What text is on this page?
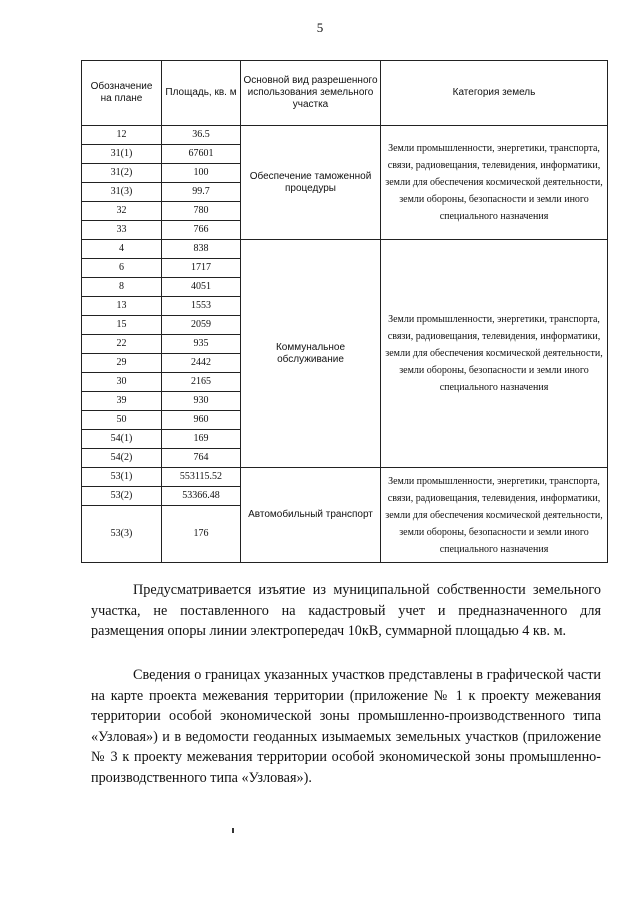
5
Обозначение на плане	Площадь, кв. м	Основной вид разрешенного использования земельного участка	Категория земель
12	36.5	Обеспечение таможенной процедуры	Земли промышленности, энергетики, транспорта, связи, радиовещания, телевидения, информатики, земли для обеспечения космической деятельности, земли обороны, безопасности и земли иного специального назначения
31(1)	67601		
31(2)	100		
31(3)	99.7		
32	780		
33	766		
4	838	Коммунальное обслуживание	Земли промышленности, энергетики, транспорта, связи, радиовещания, телевидения, информатики, земли для обеспечения космической деятельности, земли обороны, безопасности и земли иного специального назначения
6	1717		
8	4051		
13	1553		
15	2059		
22	935		
29	2442		
30	2165		
39	930		
50	960		
54(1)	169		
54(2)	764		
53(1)	553115.52	Автомобильный транспорт	Земли промышленности, энергетики, транспорта, связи, радиовещания, телевидения, информатики, земли для обеспечения космической деятельности, земли обороны, безопасности и земли иного специального назначения
53(2)	53366.48		
53(3)	176		

Предусматривается изъятие из муниципальной собственности земельного участка, не поставленного на кадастровый учет и предназначенного для размещения опоры линии электропередач 10кВ, суммарной площадью 4 кв. м.

Сведения о границах указанных участков представлены в графической части на карте проекта межевания территории (приложение № 1 к проекту межевания территории особой экономической зоны промышленно-производственного типа «Узловая») и в ведомости геоданных изымаемых земельных участков (приложение № 3 к проекту межевания территории особой экономической зоны промышленно-производственного типа «Узловая»).
